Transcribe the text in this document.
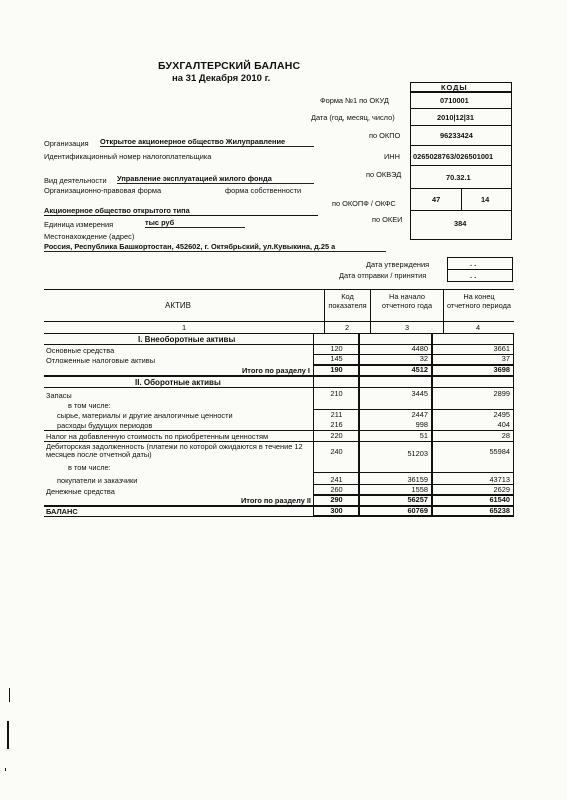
БУХГАЛТЕРСКИЙ БАЛАНС
на 31 Декабря 2010 г.
КОДЫ
Форма №1 по ОКУД	0710001
Дата (год, месяц, число)	2010|12|31
по ОКПО	96233424
ИНН 0265028763/026501001
по ОКВЭД	70.32.1
по ОКОПФ / ОКФС	47	14
по ОКЕИ	384
Организация Открытое акционерное общество Жилуправление
Идентификационный номер налогоплательщика
Вид деятельности Управление эксплуатацией жилого фонда
Организационно-правовая форма	форма собственности
Акционерное общество открытого типа
Единица измерения	тыс руб
Местонахождение (адрес)
Россия, Республика Башкортостан, 452602, г. Октябрьский, ул.Кувыкина, д.25 а
Дата утверждения
Дата отправки / принятия
. .
. .
АКТИВ
Код показателя
На начало отчетного года
На конец отчетного периода
1	2	3	4
I. Внеоборотные активы
Основные средства	120	4480	3661
Отложенные налоговые активы	145	32	37
Итого по разделу I	190	4512	3698
II. Оборотные активы
Запасы	210	3445	2899
в том числе:
сырье, материалы и другие аналогичные ценности	211	2447	2495
расходы будущих периодов	216	998	404
Налог на добавленную стоимость по приобретенным ценностям	220	51	28
Дебиторская задолженность (платежи по которой ожидаются в течение 12 месяцев после отчетной даты)	240	51203	55984
в том числе:
покупатели и заказчики	241	36159	43713
Денежные средства	260	1558	2629
Итого по разделу II	290	56257	61540
БАЛАНС	300	60769	65238
